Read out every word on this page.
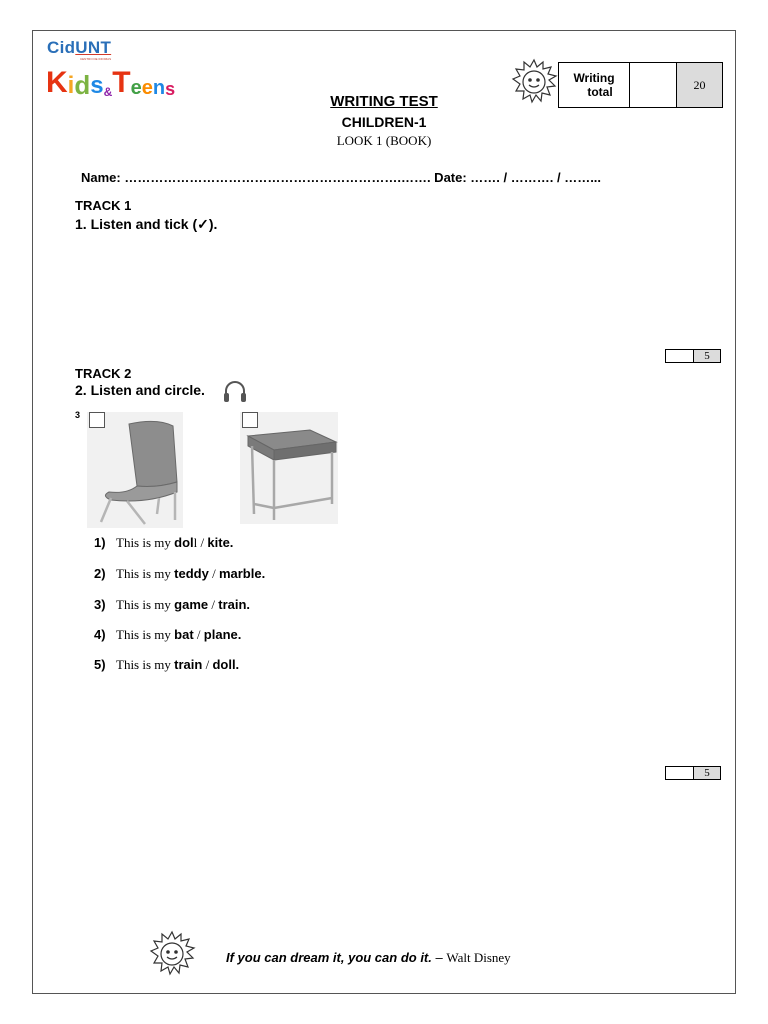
CidUNT
CENTRO DE IDIOMAS
K i d s & T e e n s
Writing
total
		20
WRITING TEST
CHILDREN-1
LOOK 1 (BOOK)
Name: ……………………………………………………….……. Date: ……. / ………. / ……...
TRACK 1
1. Listen and tick (✓).
5
TRACK 2
2. Listen and circle.
3
1) This is my doll / kite.
2) This is my teddy / marble.
3) This is my game / train.
4) This is my bat / plane.
5) This is my train / doll.
5
If you can dream it, you can do it. – Walt Disney
